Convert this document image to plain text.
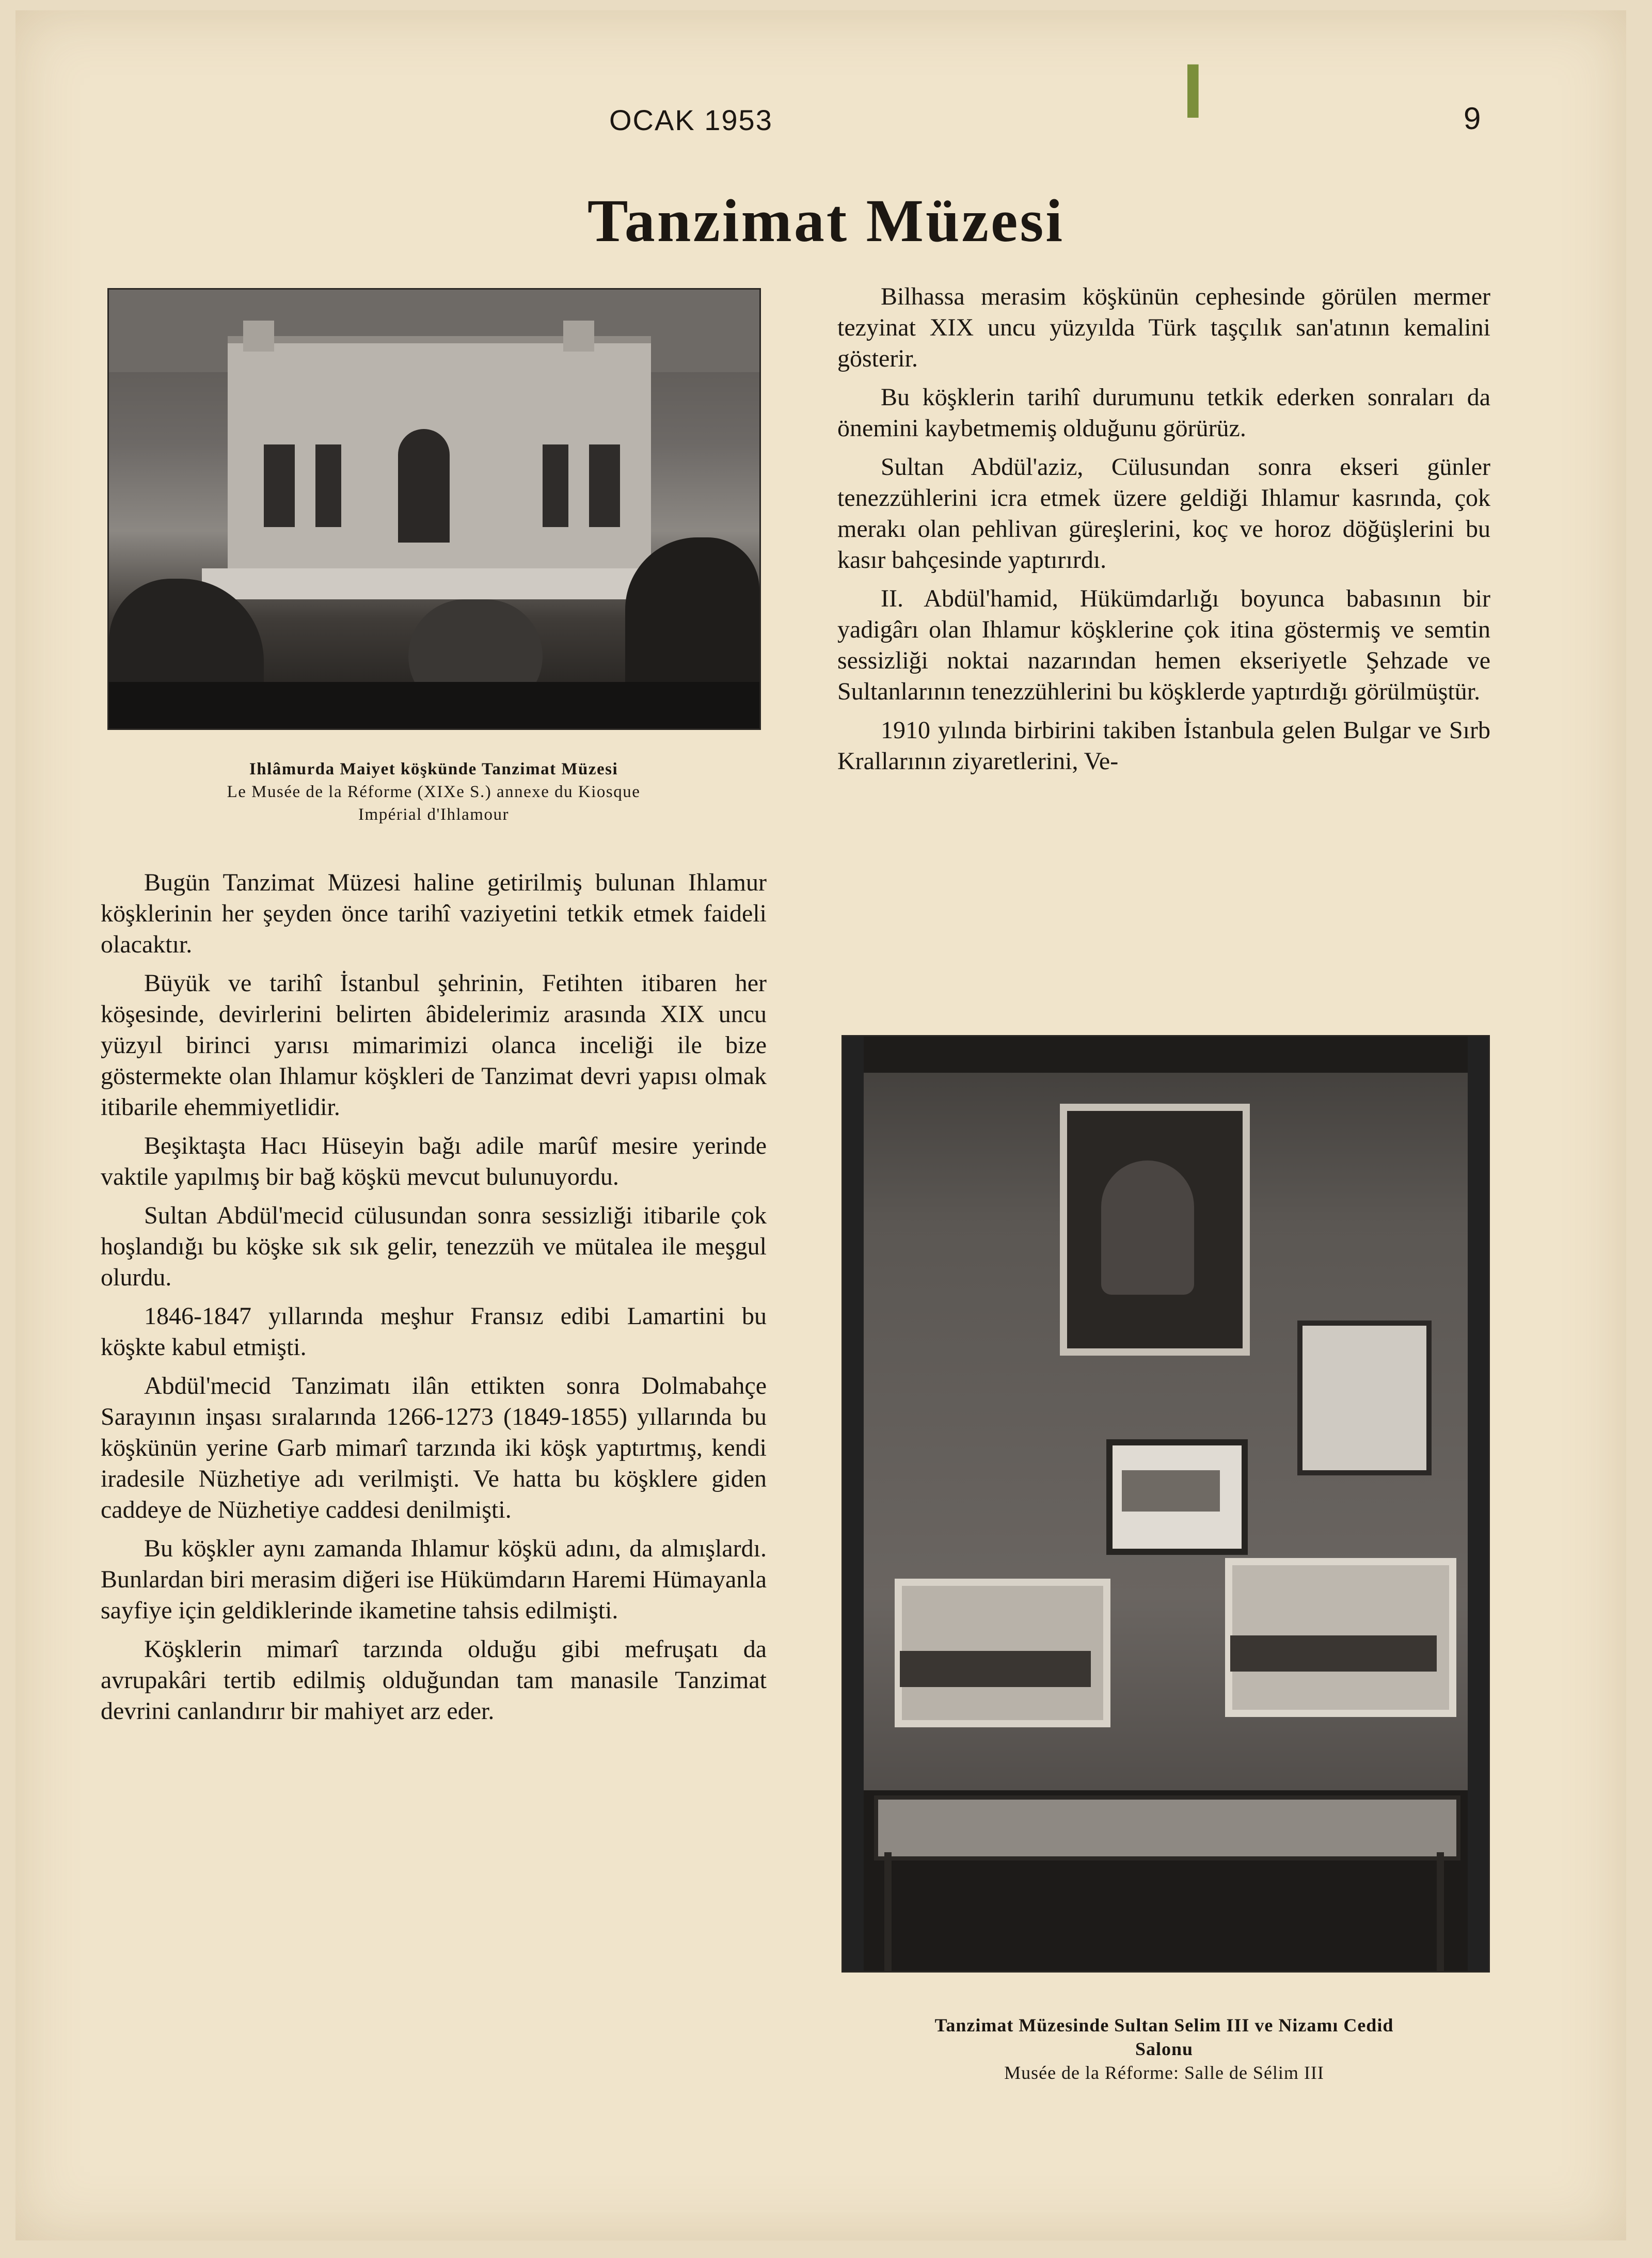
I
OCAK 1953	9
Tanzimat Müzesi
Ihlâmurda Maiyet köşkünde Tanzimat Müzesi
Le Musée de la Réforme (XIXe S.) annexe du Kiosque
Impérial d'Ihlamour

Bugün Tanzimat Müzesi haline getirilmiş bulunan Ihlamur köşklerinin her şeyden önce tarihî vaziyetini tetkik etmek faideli olacaktır.

Büyük ve tarihî İstanbul şehrinin, Fetihten itibaren her köşesinde, devirlerini belirten âbidelerimiz arasında XIX uncu yüzyıl birinci yarısı mimarimizi olanca inceliği ile bize göstermekte olan Ihlamur köşkleri de Tanzimat devri yapısı olmak itibarile ehemmiyetlidir.

Beşiktaşta Hacı Hüseyin bağı adile marûf mesire yerinde vaktile yapılmış bir bağ köşkü mevcut bulunuyordu.

Sultan Abdül'mecid cülusundan sonra sessizliği itibarile çok hoşlandığı bu köşke sık sık gelir, tenezzüh ve mütalea ile meşgul olurdu.

1846-1847 yıllarında meşhur Fransız edibi Lamartini bu köşkte kabul etmişti.

Abdül'mecid Tanzimatı ilân ettikten sonra Dolmabahçe Sarayının inşası sıralarında 1266-1273 (1849-1855) yıllarında bu köşkünün yerine Garb mimarî tarzında iki köşk yaptırtmış, kendi iradesile Nüzhetiye adı verilmişti. Ve hatta bu köşklere giden caddeye de Nüzhetiye caddesi denilmişti.

Bu köşkler aynı zamanda Ihlamur köşkü adını, da almışlardı. Bunlardan biri merasim diğeri ise Hükümdarın Haremi Hümayanla sayfiye için geldiklerinde ikametine tahsis edilmişti.

Köşklerin mimarî tarzında olduğu gibi mefruşatı da avrupakâri tertib edilmiş olduğundan tam manasile Tanzimat devrini canlandırır bir mahiyet arz eder.

Bilhassa merasim köşkünün cephesinde görülen mermer tezyinat XIX uncu yüzyılda Türk taşçılık san'atının kemalini gösterir.

Bu köşklerin tarihî durumunu tetkik ederken sonraları da önemini kaybetmemiş olduğunu görürüz.

Sultan Abdül'aziz, Cülusundan sonra ekseri günler tenezzühlerini icra etmek üzere geldiği Ihlamur kasrında, çok merakı olan pehlivan güreşlerini, koç ve horoz döğüşlerini bu kasır bahçesinde yaptırırdı.

II. Abdül'hamid, Hükümdarlığı boyunca babasının bir yadigârı olan Ihlamur köşklerine çok itina göstermiş ve semtin sessizliği noktai nazarından hemen ekseriyetle Şehzade ve Sultanlarının tenezzühlerini bu köşklerde yaptırdığı görülmüştür.

1910 yılında birbirini takiben İstanbula gelen Bulgar ve Sırb Krallarının ziyaretlerini, Ve-

Tanzimat Müzesinde Sultan Selim III ve Nizamı Cedid
Salonu
Musée de la Réforme: Salle de Sélim III
